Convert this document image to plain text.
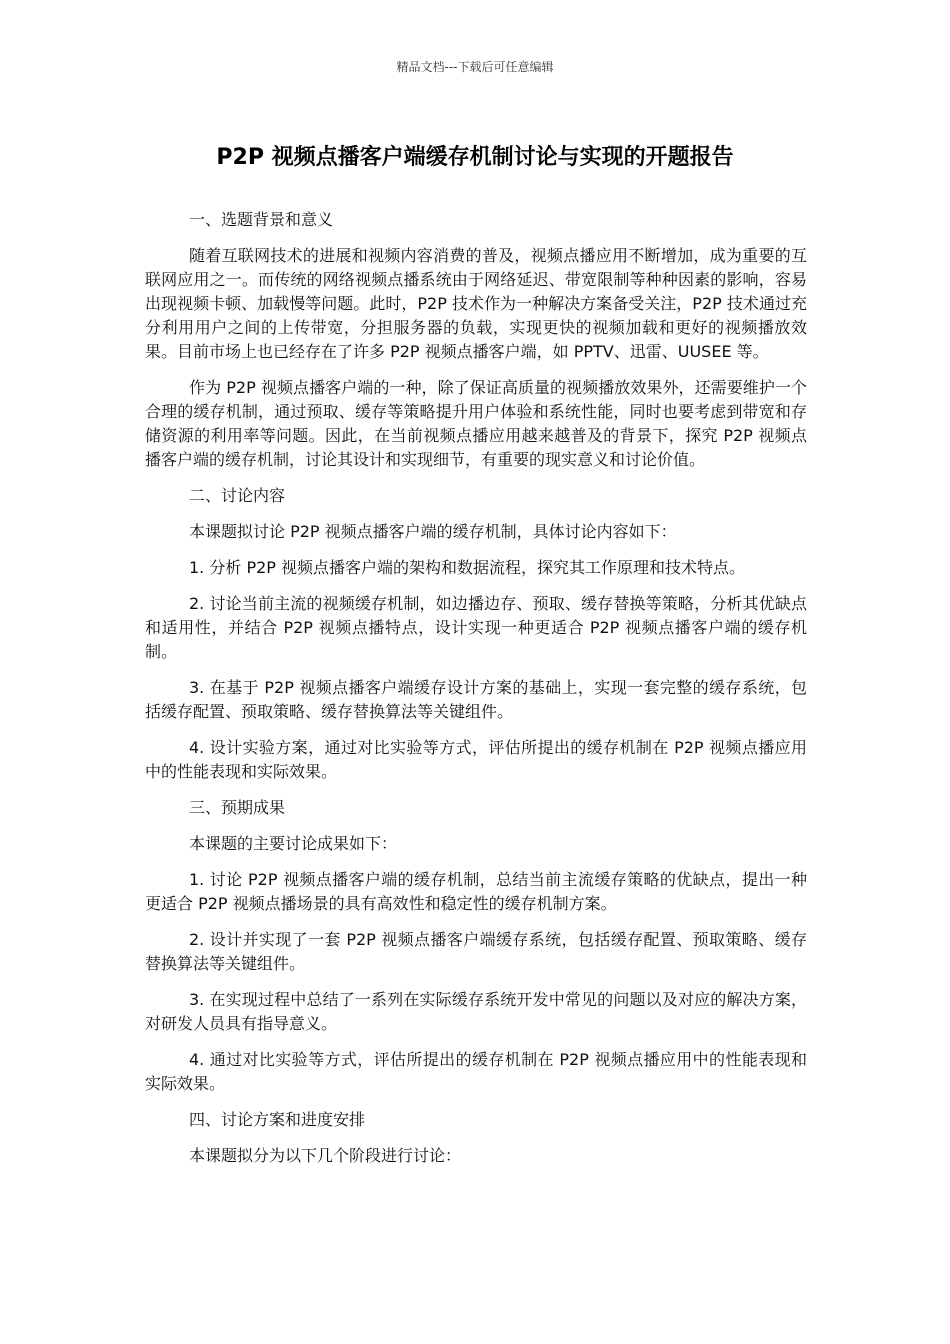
精品文档---下载后可任意编辑
P2P 视频点播客户端缓存机制讨论与实现的开题报告

一、选题背景和意义

随着互联网技术的进展和视频内容消费的普及，视频点播应用不断增加，成为重要的互联网应用之一。而传统的网络视频点播系统由于网络延迟、带宽限制等种种因素的影响，容易出现视频卡顿、加载慢等问题。此时，P2P 技术作为一种解决方案备受关注，P2P 技术通过充分利用用户之间的上传带宽，分担服务器的负载，实现更快的视频加载和更好的视频播放效果。目前市场上也已经存在了许多 P2P 视频点播客户端，如 PPTV、迅雷、UUSEE 等。

作为 P2P 视频点播客户端的一种，除了保证高质量的视频播放效果外，还需要维护一个合理的缓存机制，通过预取、缓存等策略提升用户体验和系统性能，同时也要考虑到带宽和存储资源的利用率等问题。因此，在当前视频点播应用越来越普及的背景下，探究 P2P 视频点播客户端的缓存机制，讨论其设计和实现细节，有重要的现实意义和讨论价值。

二、讨论内容

本课题拟讨论 P2P 视频点播客户端的缓存机制，具体讨论内容如下：

1. 分析 P2P 视频点播客户端的架构和数据流程，探究其工作原理和技术特点。

2. 讨论当前主流的视频缓存机制，如边播边存、预取、缓存替换等策略，分析其优缺点和适用性，并结合 P2P 视频点播特点，设计实现一种更适合 P2P 视频点播客户端的缓存机制。

3. 在基于 P2P 视频点播客户端缓存设计方案的基础上，实现一套完整的缓存系统，包括缓存配置、预取策略、缓存替换算法等关键组件。

4. 设计实验方案，通过对比实验等方式，评估所提出的缓存机制在 P2P 视频点播应用中的性能表现和实际效果。

三、预期成果

本课题的主要讨论成果如下：

1. 讨论 P2P 视频点播客户端的缓存机制，总结当前主流缓存策略的优缺点，提出一种更适合 P2P 视频点播场景的具有高效性和稳定性的缓存机制方案。

2. 设计并实现了一套 P2P 视频点播客户端缓存系统，包括缓存配置、预取策略、缓存替换算法等关键组件。

3. 在实现过程中总结了一系列在实际缓存系统开发中常见的问题以及对应的解决方案，对研发人员具有指导意义。

4. 通过对比实验等方式，评估所提出的缓存机制在 P2P 视频点播应用中的性能表现和实际效果。

四、讨论方案和进度安排

本课题拟分为以下几个阶段进行讨论：
